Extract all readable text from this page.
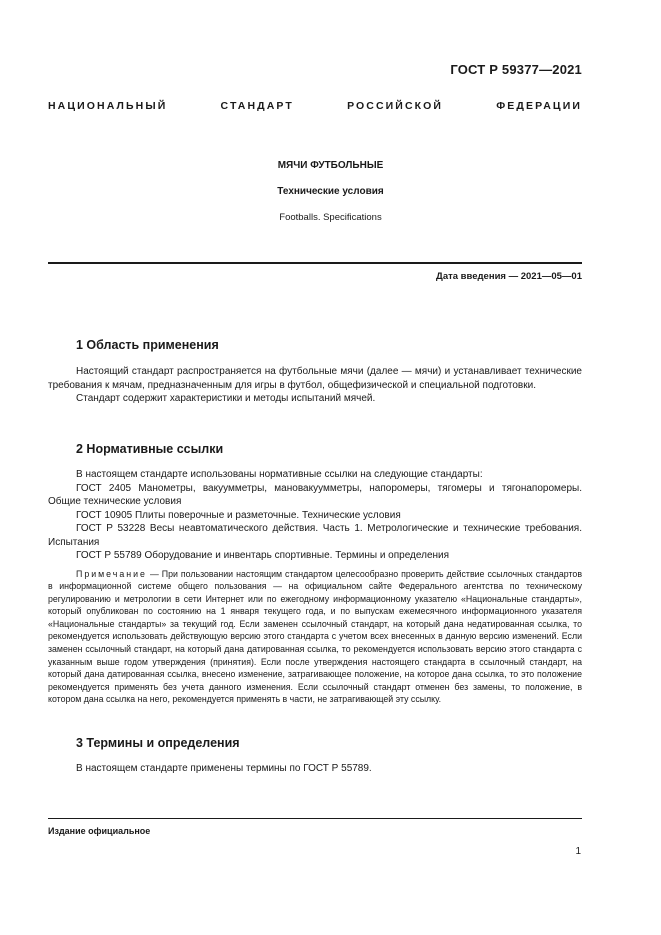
ГОСТ Р 59377—2021
НАЦИОНАЛЬНЫЙ СТАНДАРТ РОССИЙСКОЙ ФЕДЕРАЦИИ
МЯЧИ ФУТБОЛЬНЫЕ
Технические условия
Footballs. Specifications
Дата введения — 2021—05—01
1 Область применения

Настоящий стандарт распространяется на футбольные мячи (далее — мячи) и устанавливает технические требования к мячам, предназначенным для игры в футбол, общефизической и специальной подготовки.

Стандарт содержит характеристики и методы испытаний мячей.

2 Нормативные ссылки

В настоящем стандарте использованы нормативные ссылки на следующие стандарты:

ГОСТ 2405 Манометры, вакуумметры, мановакуумметры, напоромеры, тягомеры и тягонапоромеры. Общие технические условия

ГОСТ 10905 Плиты поверочные и разметочные. Технические условия

ГОСТ Р 53228 Весы неавтоматического действия. Часть 1. Метрологические и технические требования. Испытания

ГОСТ Р 55789 Оборудование и инвентарь спортивные. Термины и определения

Примечание — При пользовании настоящим стандартом целесообразно проверить действие ссылочных стандартов в информационной системе общего пользования — на официальном сайте Федерального агентства по техническому регулированию и метрологии в сети Интернет или по ежегодному информационному указателю «Национальные стандарты», который опубликован по состоянию на 1 января текущего года, и по выпускам ежемесячного информационного указателя «Национальные стандарты» за текущий год. Если заменен ссылочный стандарт, на который дана недатированная ссылка, то рекомендуется использовать действующую версию этого стандарта с учетом всех внесенных в данную версию изменений. Если заменен ссылочный стандарт, на который дана датированная ссылка, то рекомендуется использовать версию этого стандарта с указанным выше годом утверждения (принятия). Если после утверждения настоящего стандарта в ссылочный стандарт, на который дана датированная ссылка, внесено изменение, затрагивающее положение, на которое дана ссылка, то это положение рекомендуется применять без учета данного изменения. Если ссылочный стандарт отменен без замены, то положение, в котором дана ссылка на него, рекомендуется применять в части, не затрагивающей эту ссылку.

3 Термины и определения

В настоящем стандарте применены термины по ГОСТ Р 55789.

Издание официальное
1
